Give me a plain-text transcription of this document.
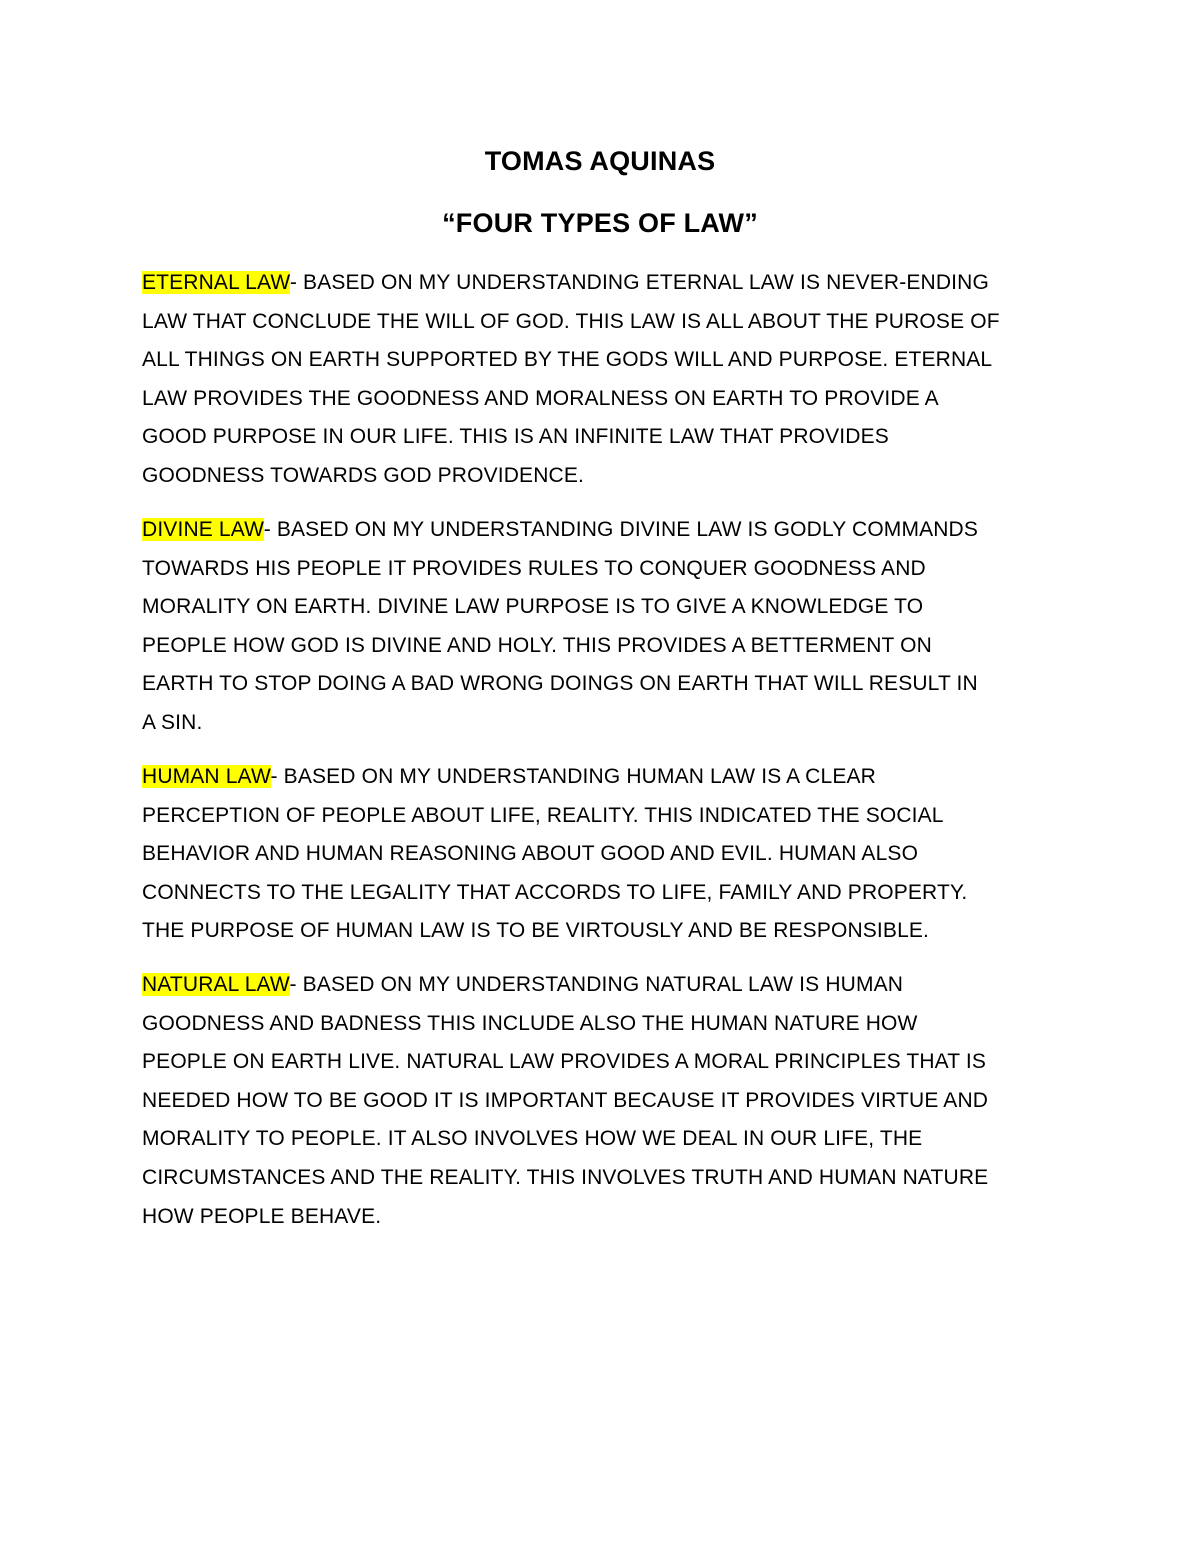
TOMAS AQUINAS
“FOUR TYPES OF LAW”
ETERNAL LAW- BASED ON MY UNDERSTANDING ETERNAL LAW IS NEVER-ENDING
LAW THAT CONCLUDE THE WILL OF GOD. THIS LAW IS ALL ABOUT THE PUROSE OF
ALL THINGS ON EARTH SUPPORTED BY THE GODS WILL AND PURPOSE. ETERNAL
LAW PROVIDES THE GOODNESS AND MORALNESS ON EARTH TO PROVIDE A
GOOD PURPOSE IN OUR LIFE. THIS IS AN INFINITE LAW THAT PROVIDES
GOODNESS TOWARDS GOD PROVIDENCE.
DIVINE LAW- BASED ON MY UNDERSTANDING DIVINE LAW IS GODLY COMMANDS
TOWARDS HIS PEOPLE IT PROVIDES RULES TO CONQUER GOODNESS AND
MORALITY ON EARTH. DIVINE LAW PURPOSE IS TO GIVE A KNOWLEDGE TO
PEOPLE HOW GOD IS DIVINE AND HOLY. THIS PROVIDES A BETTERMENT ON
EARTH TO STOP DOING A BAD WRONG DOINGS ON EARTH THAT WILL RESULT IN
A SIN.
HUMAN LAW- BASED ON MY UNDERSTANDING HUMAN LAW IS A CLEAR
PERCEPTION OF PEOPLE ABOUT LIFE, REALITY. THIS INDICATED THE SOCIAL
BEHAVIOR AND HUMAN REASONING ABOUT GOOD AND EVIL. HUMAN ALSO
CONNECTS TO THE LEGALITY THAT ACCORDS TO LIFE, FAMILY AND PROPERTY.
THE PURPOSE OF HUMAN LAW IS TO BE VIRTOUSLY AND BE RESPONSIBLE.
NATURAL LAW- BASED ON MY UNDERSTANDING NATURAL LAW IS HUMAN
GOODNESS AND BADNESS THIS INCLUDE ALSO THE HUMAN NATURE HOW
PEOPLE ON EARTH LIVE. NATURAL LAW PROVIDES A MORAL PRINCIPLES THAT IS
NEEDED HOW TO BE GOOD IT IS IMPORTANT BECAUSE IT PROVIDES VIRTUE AND
MORALITY TO PEOPLE. IT ALSO INVOLVES HOW WE DEAL IN OUR LIFE, THE
CIRCUMSTANCES AND THE REALITY. THIS INVOLVES TRUTH AND HUMAN NATURE
HOW PEOPLE BEHAVE.
